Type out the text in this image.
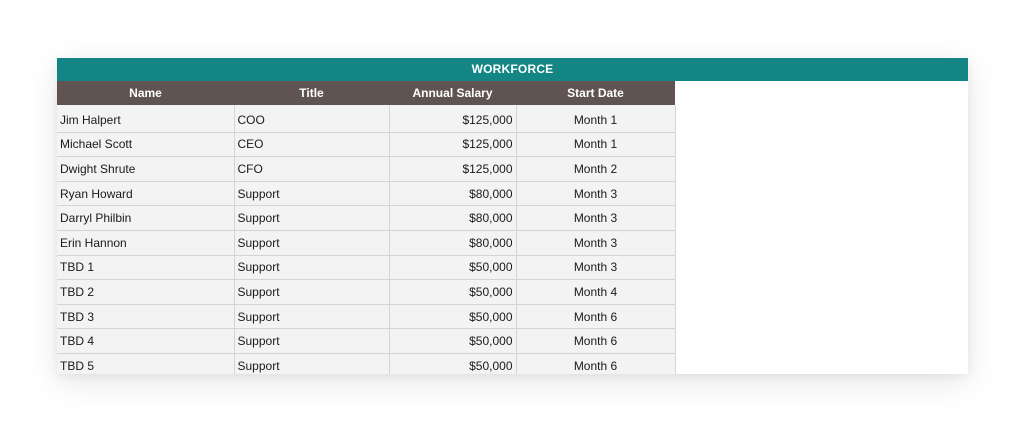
WORKFORCE
Name	Title	Annual Salary	Start Date
Jim Halpert	COO	$125,000	Month 1
Michael Scott	CEO	$125,000	Month 1
Dwight Shrute	CFO	$125,000	Month 2
Ryan Howard	Support	$80,000	Month 3
Darryl Philbin	Support	$80,000	Month 3
Erin Hannon	Support	$80,000	Month 3
TBD 1	Support	$50,000	Month 3
TBD 2	Support	$50,000	Month 4
TBD 3	Support	$50,000	Month 6
TBD 4	Support	$50,000	Month 6
TBD 5	Support	$50,000	Month 6
